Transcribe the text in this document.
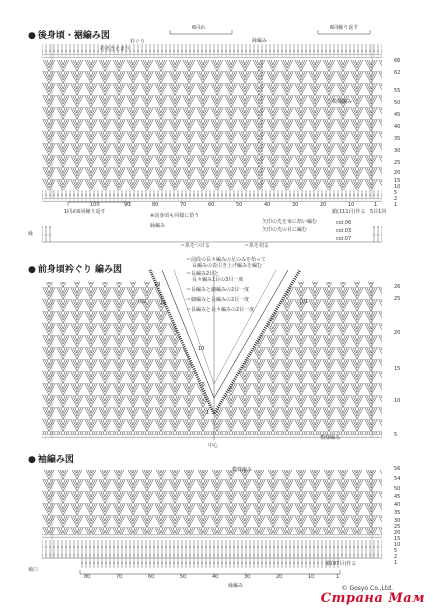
● 後身頃・裾編み図
● 前身頃衿ぐり 編み図
● 袖編み図
6回め	6回繰り返す
縁編み
衿ぐり
衿あき止まり
模様編み
鎖(111目)作る
1回め6回繰り返す
縁
※前身頃も同様に拾う
縁編み
5目1回
矢印の先を束に拾い編む
矢印の先の目に編む
col.06
col.03
col.07
＝糸をつける	＝糸を切る
66
62
55
50
45
40
35
30
25
20
15
10
5
2
1
100	90	80	70	60	50	40	30	20	10	1
＝前段の長々編みの足のみを拾って
長編みの表引き上げ編みを編む
＝長編み2目と
長々編み1目の3目一度
＝長編みと細編みの2目一度
＝細編みと長編みの2目一度
＝長編みと長々編みの2目一度
図1
図2
中心
模様編み
19
15
10
5
1
26
25
20
15
10
5
模様編み
鎖(87目)作る
縁編み
袖口
56
54
50
45
40
35
30
25
20
15
10
5
2
1
80	70	60	50	40	30	20	10	1
© Gosyo Co.,Ltd.
Страна Мам
